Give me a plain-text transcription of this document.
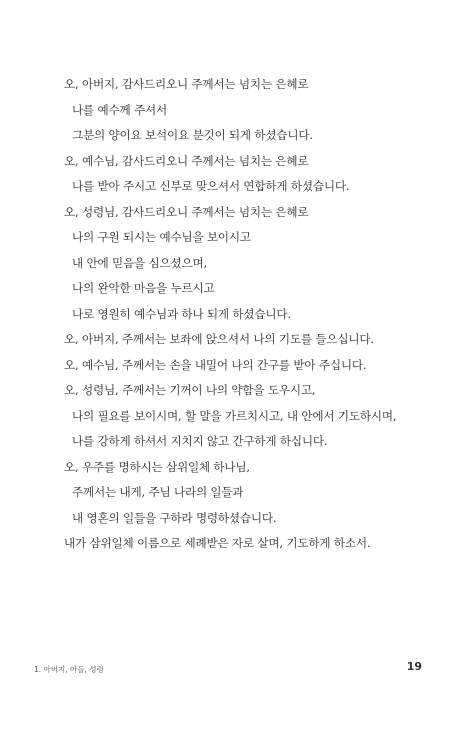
오, 아버지, 감사드리오니 주께서는 넘치는 은혜로
나를 예수께 주셔서
그분의 양이요 보석이요 분깃이 되게 하셨습니다.
오, 예수님, 감사드리오니 주께서는 넘치는 은혜로
나를 받아 주시고 신부로 맞으셔서 연합하게 하셨습니다.
오, 성령님, 감사드리오니 주께서는 넘치는 은혜로
나의 구원 되시는 예수님을 보이시고
내 안에 믿음을 심으셨으며,
나의 완악한 마음을 누르시고
나로 영원히 예수님과 하나 되게 하셨습니다.
오, 아버지, 주께서는 보좌에 앉으셔서 나의 기도를 들으십니다.
오, 예수님, 주께서는 손을 내밀어 나의 간구를 받아 주십니다.
오, 성령님, 주께서는 기꺼이 나의 약함을 도우시고,
나의 필요를 보이시며, 할 말을 가르치시고, 내 안에서 기도하시며,
나를 강하게 하셔서 지치지 않고 간구하게 하십니다.
오, 우주를 명하시는 삼위일체 하나님,
주께서는 내게, 주님 나라의 일들과
내 영혼의 일들을 구하라 명령하셨습니다.
내가 삼위일체 이름으로 세례받은 자로 살며, 기도하게 하소서.
1. 아버지, 아들, 성령	19
